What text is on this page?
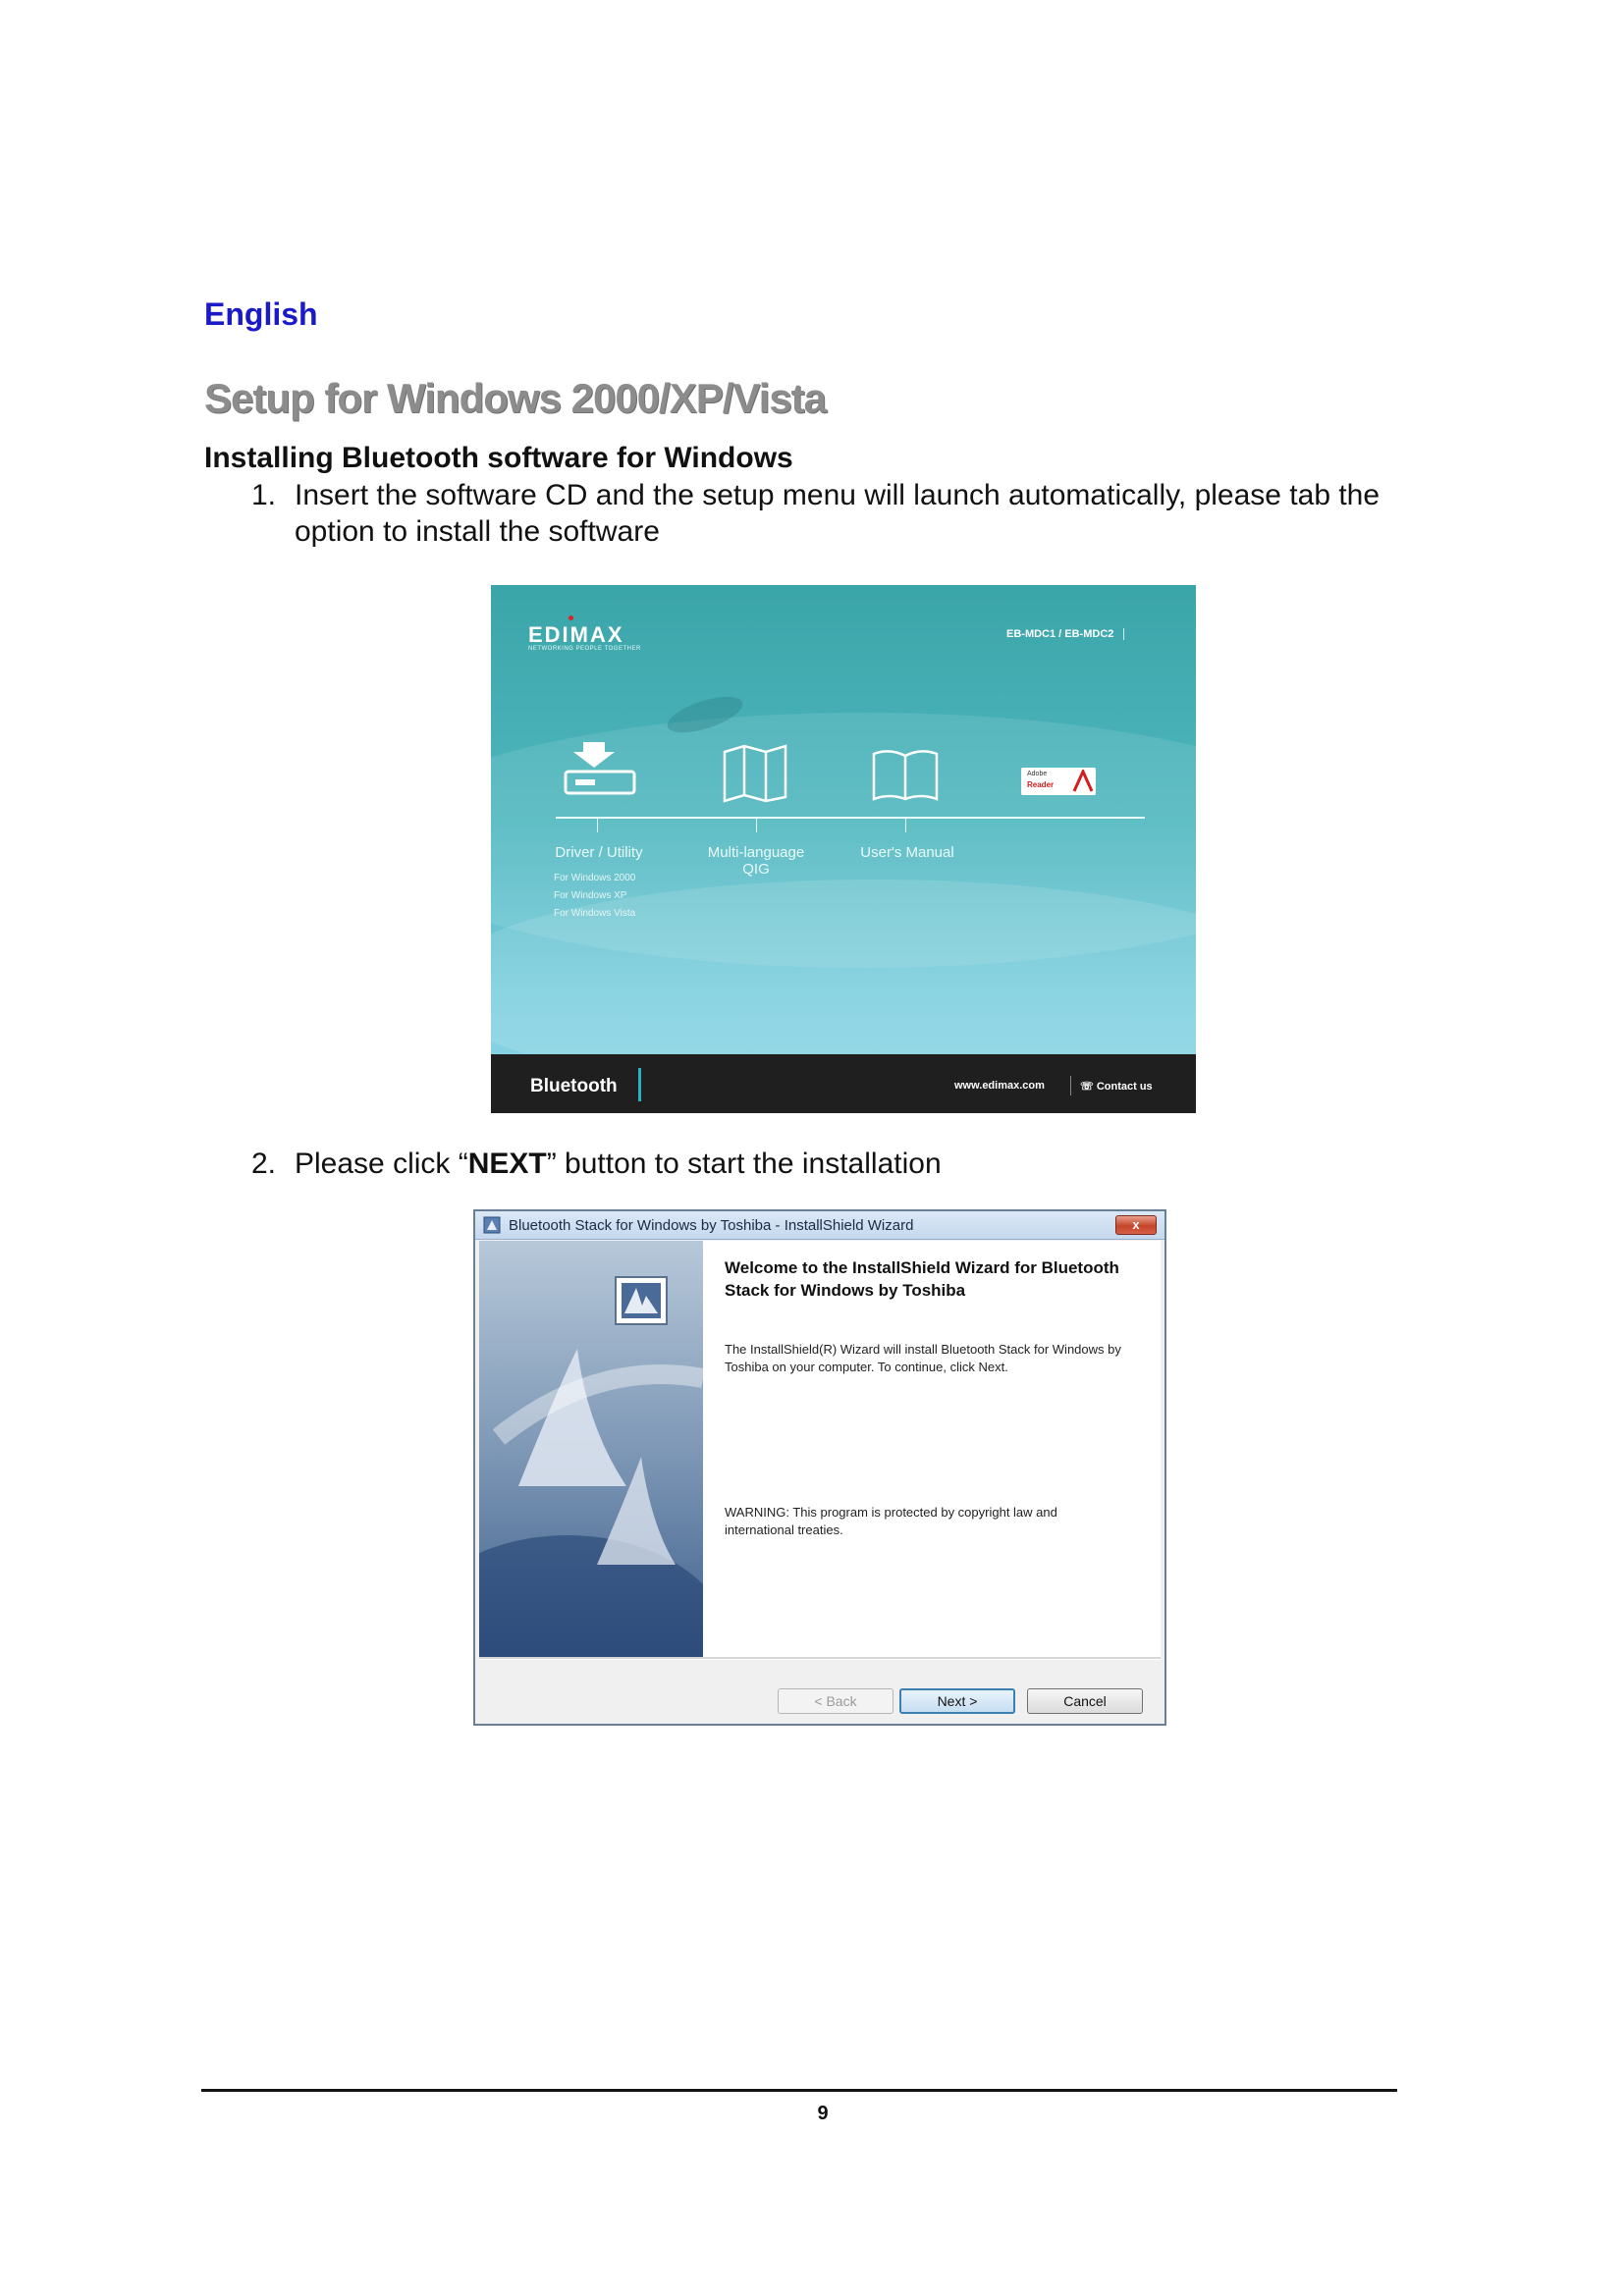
English
Setup for Windows 2000/XP/Vista
Installing Bluetooth software for Windows
1. Insert the software CD and the setup menu will launch automatically, please tab the

option to install the software
EDIMAX
NETWORKING PEOPLE TOGETHER
EB-MDC1 / EB-MDC2
Adobe
Reader
Driver / Utility	Multi-language
QIG
User's Manual
For Windows 2000
For Windows XP
For Windows Vista
Bluetooth	www.edimax.com	☏ Contact us
2. Please click “NEXT” button to start the installation
Bluetooth Stack for Windows by Toshiba - InstallShield Wizard	x
Welcome to the InstallShield Wizard for Bluetooth Stack for Windows by Toshiba
The InstallShield(R) Wizard will install Bluetooth Stack for Windows by Toshiba on your computer. To continue, click Next.
WARNING: This program is protected by copyright law and international treaties.
< Back	Next >	Cancel
9
